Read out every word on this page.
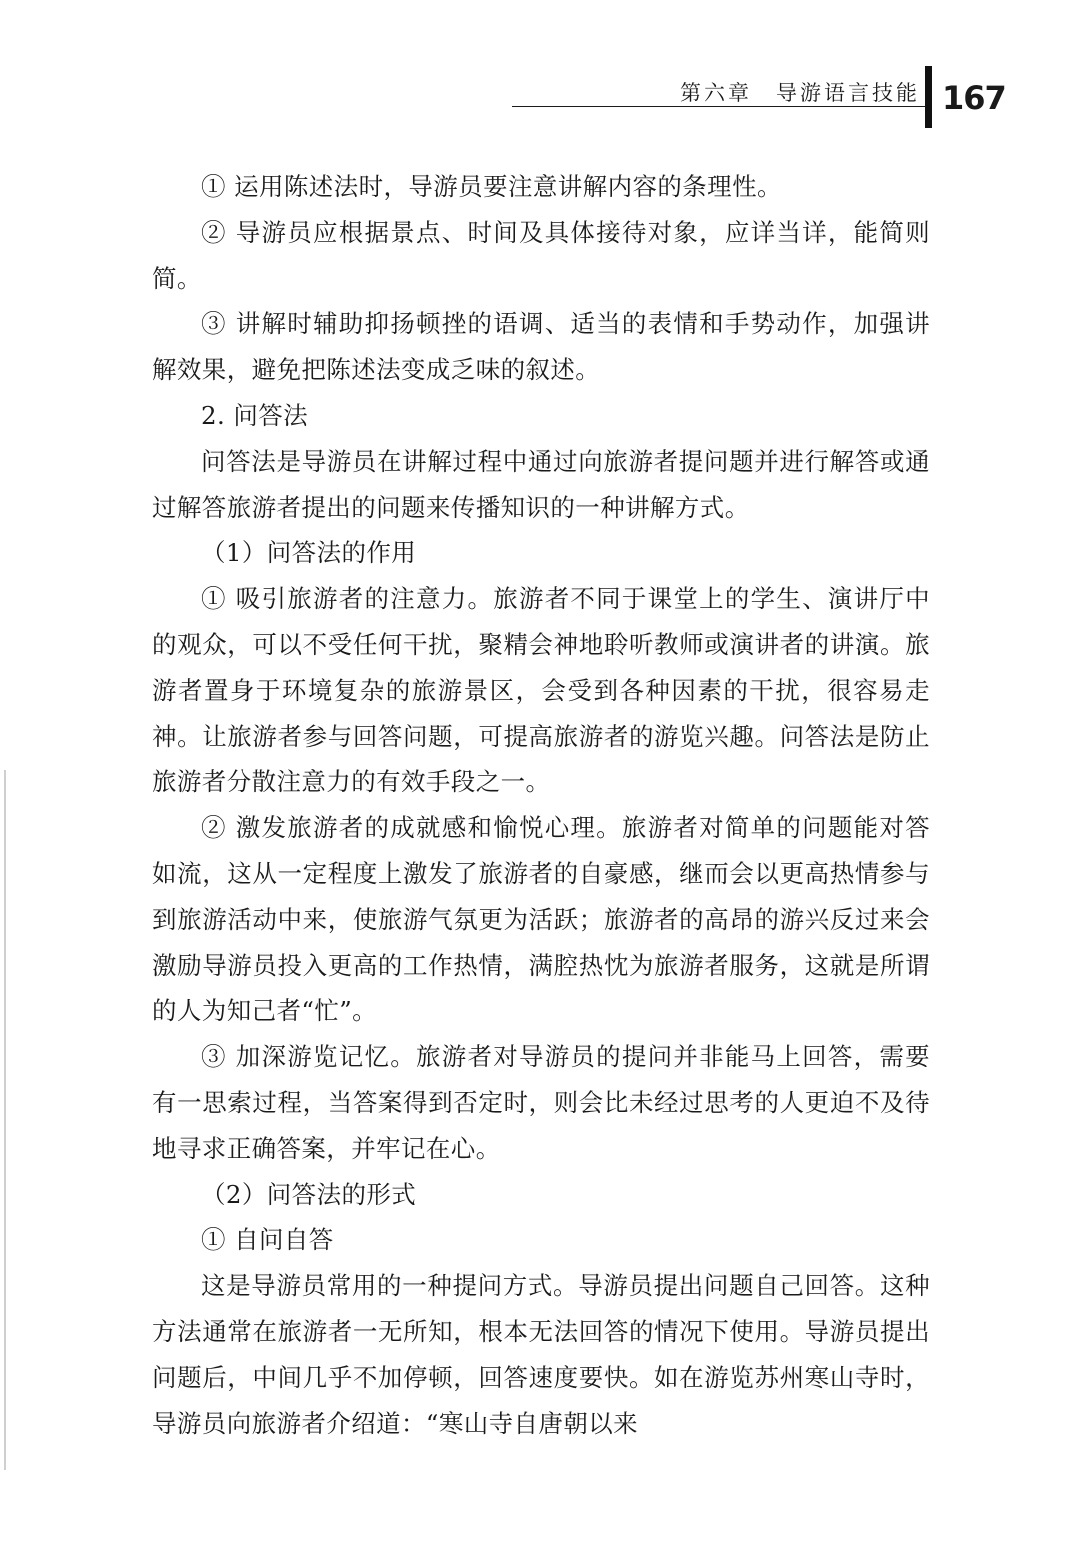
第六章　导游语言技能 167

① 运用陈述法时，导游员要注意讲解内容的条理性。

② 导游员应根据景点、时间及具体接待对象，应详当详，能简则简。

③ 讲解时辅助抑扬顿挫的语调、适当的表情和手势动作，加强讲解效果，避免把陈述法变成乏味的叙述。

2. 问答法

问答法是导游员在讲解过程中通过向旅游者提问题并进行解答或通过解答旅游者提出的问题来传播知识的一种讲解方式。

（1）问答法的作用

① 吸引旅游者的注意力。旅游者不同于课堂上的学生、演讲厅中的观众，可以不受任何干扰，聚精会神地聆听教师或演讲者的讲演。旅游者置身于环境复杂的旅游景区，会受到各种因素的干扰，很容易走神。让旅游者参与回答问题，可提高旅游者的游览兴趣。问答法是防止旅游者分散注意力的有效手段之一。

② 激发旅游者的成就感和愉悦心理。旅游者对简单的问题能对答如流，这从一定程度上激发了旅游者的自豪感，继而会以更高热情参与到旅游活动中来，使旅游气氛更为活跃；旅游者的高昂的游兴反过来会激励导游员投入更高的工作热情，满腔热忱为旅游者服务，这就是所谓的人为知己者“忙”。

③ 加深游览记忆。旅游者对导游员的提问并非能马上回答，需要有一思索过程，当答案得到否定时，则会比未经过思考的人更迫不及待地寻求正确答案，并牢记在心。

（2）问答法的形式

① 自问自答

这是导游员常用的一种提问方式。导游员提出问题自己回答。这种方法通常在旅游者一无所知，根本无法回答的情况下使用。导游员提出问题后，中间几乎不加停顿，回答速度要快。如在游览苏州寒山寺时，导游员向旅游者介绍道：“寒山寺自唐朝以来
